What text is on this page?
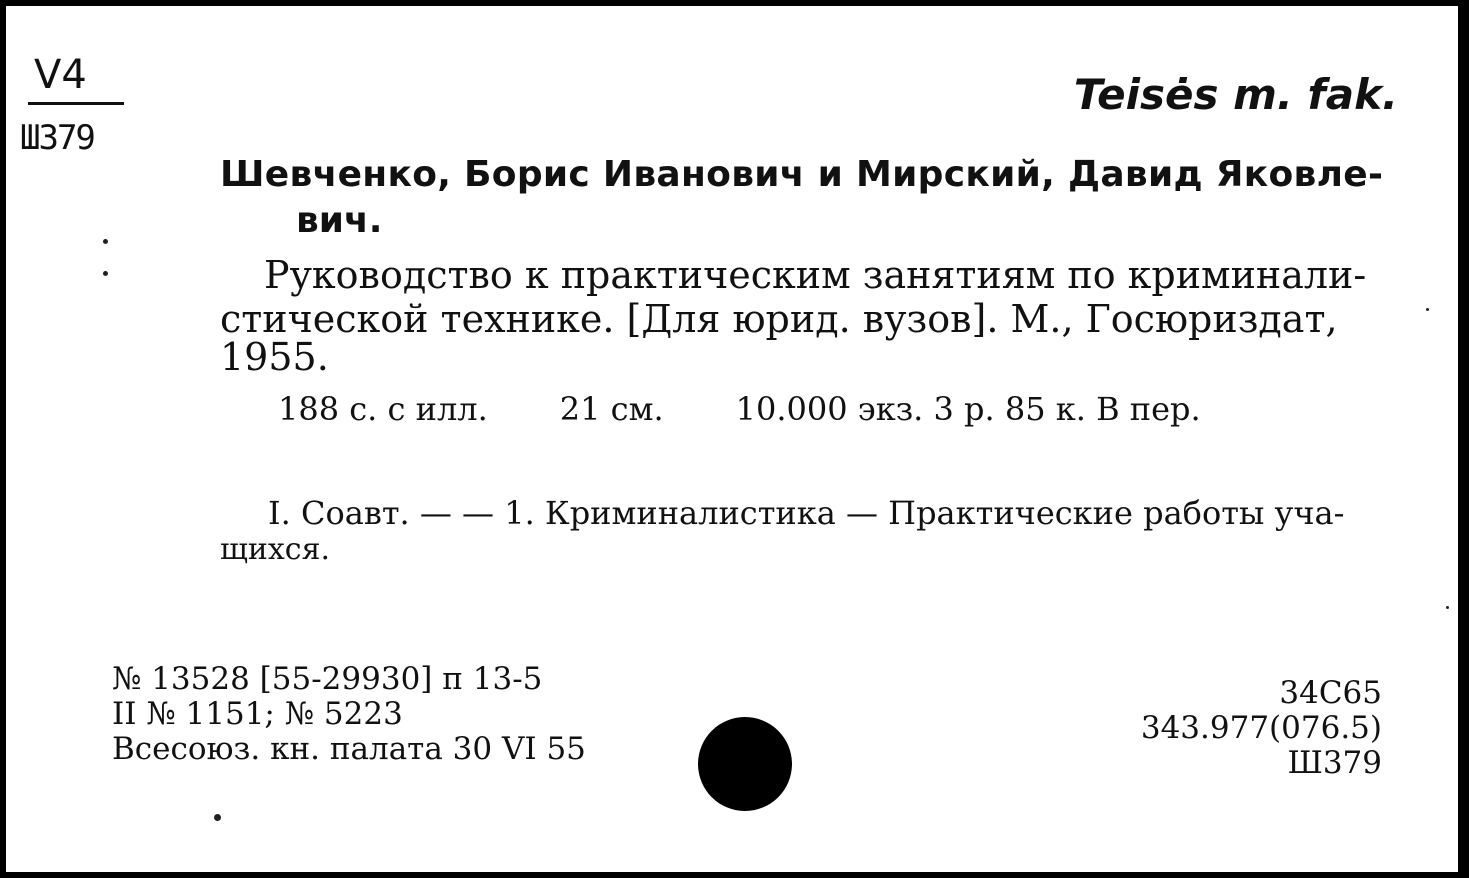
V4
Ш379
Teisės m. fak.
Шевченко, Борис Иванович и Мирский, Давид Яковле-
вич.
Руководство к практическим занятиям по криминали-
стической технике. [Для юрид. вузов]. М., Госюриздат,
1955.
188 с. с илл. 21 см. 10.000 экз. 3 р. 85 к. В пер.
I. Соавт. — — 1. Криминалистика — Практические работы уча-
щихся.
№ 13528 [55-29930] п 13-5
II № 1151; № 5223
Всесоюз. кн. палата 30 VI 55
34С65
343.977(076.5)
Ш379
